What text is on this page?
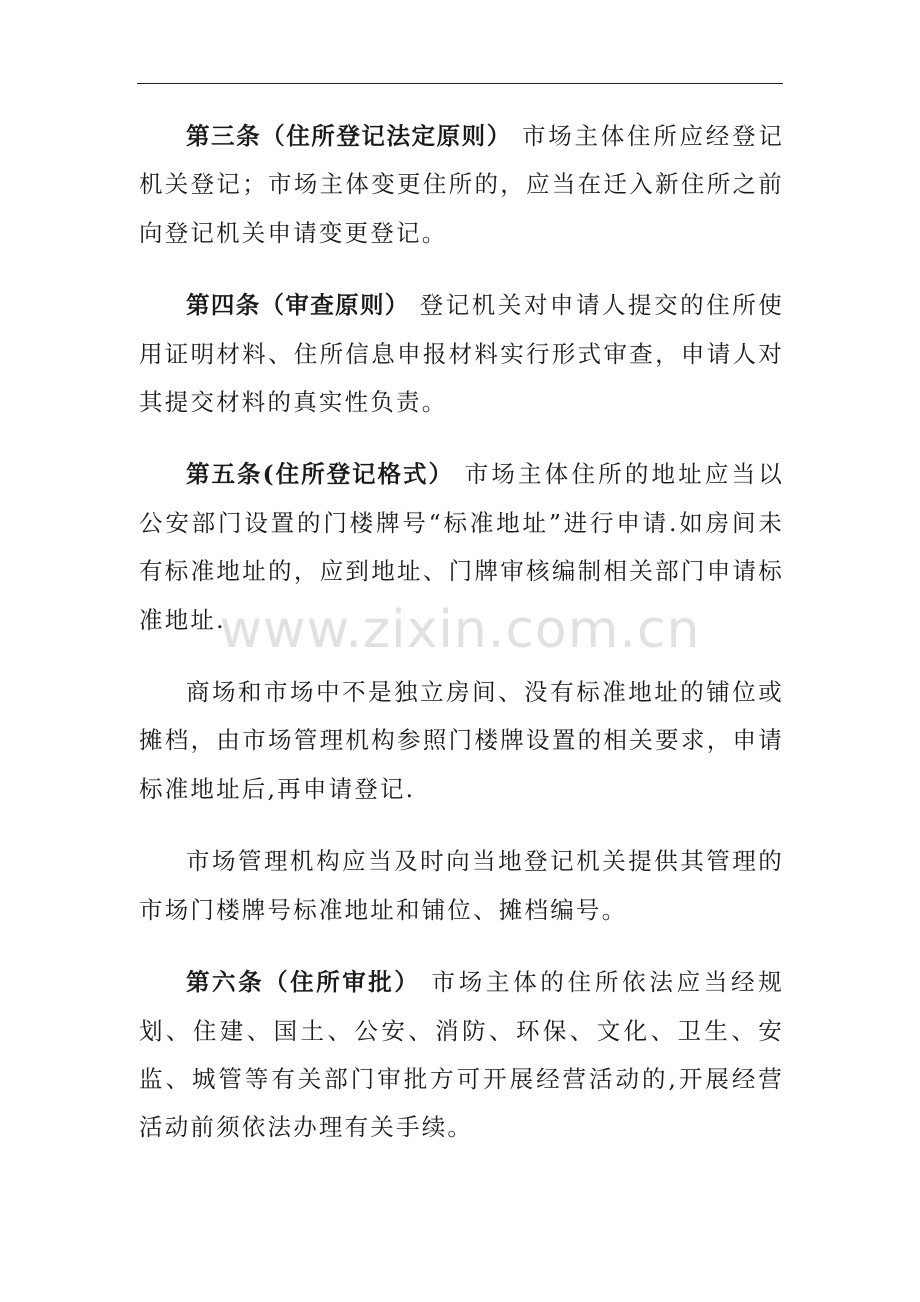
第三条（住所登记法定原则） 市场主体住所应经登记机关登记；市场主体变更住所的，应当在迁入新住所之前向登记机关申请变更登记。

第四条（审查原则） 登记机关对申请人提交的住所使用证明材料、住所信息申报材料实行形式审查，申请人对其提交材料的真实性负责。

第五条(住所登记格式） 市场主体住所的地址应当以公安部门设置的门楼牌号“标准地址”进行申请.如房间未有标准地址的，应到地址、门牌审核编制相关部门申请标准地址.

商场和市场中不是独立房间、没有标准地址的铺位或摊档，由市场管理机构参照门楼牌设置的相关要求，申请标准地址后,再申请登记.

市场管理机构应当及时向当地登记机关提供其管理的市场门楼牌号标准地址和铺位、摊档编号。

第六条（住所审批） 市场主体的住所依法应当经规划、住建、国土、公安、消防、环保、文化、卫生、安监、城管等有关部门审批方可开展经营活动的,开展经营活动前须依法办理有关手续。

www.zixin.com.cn
